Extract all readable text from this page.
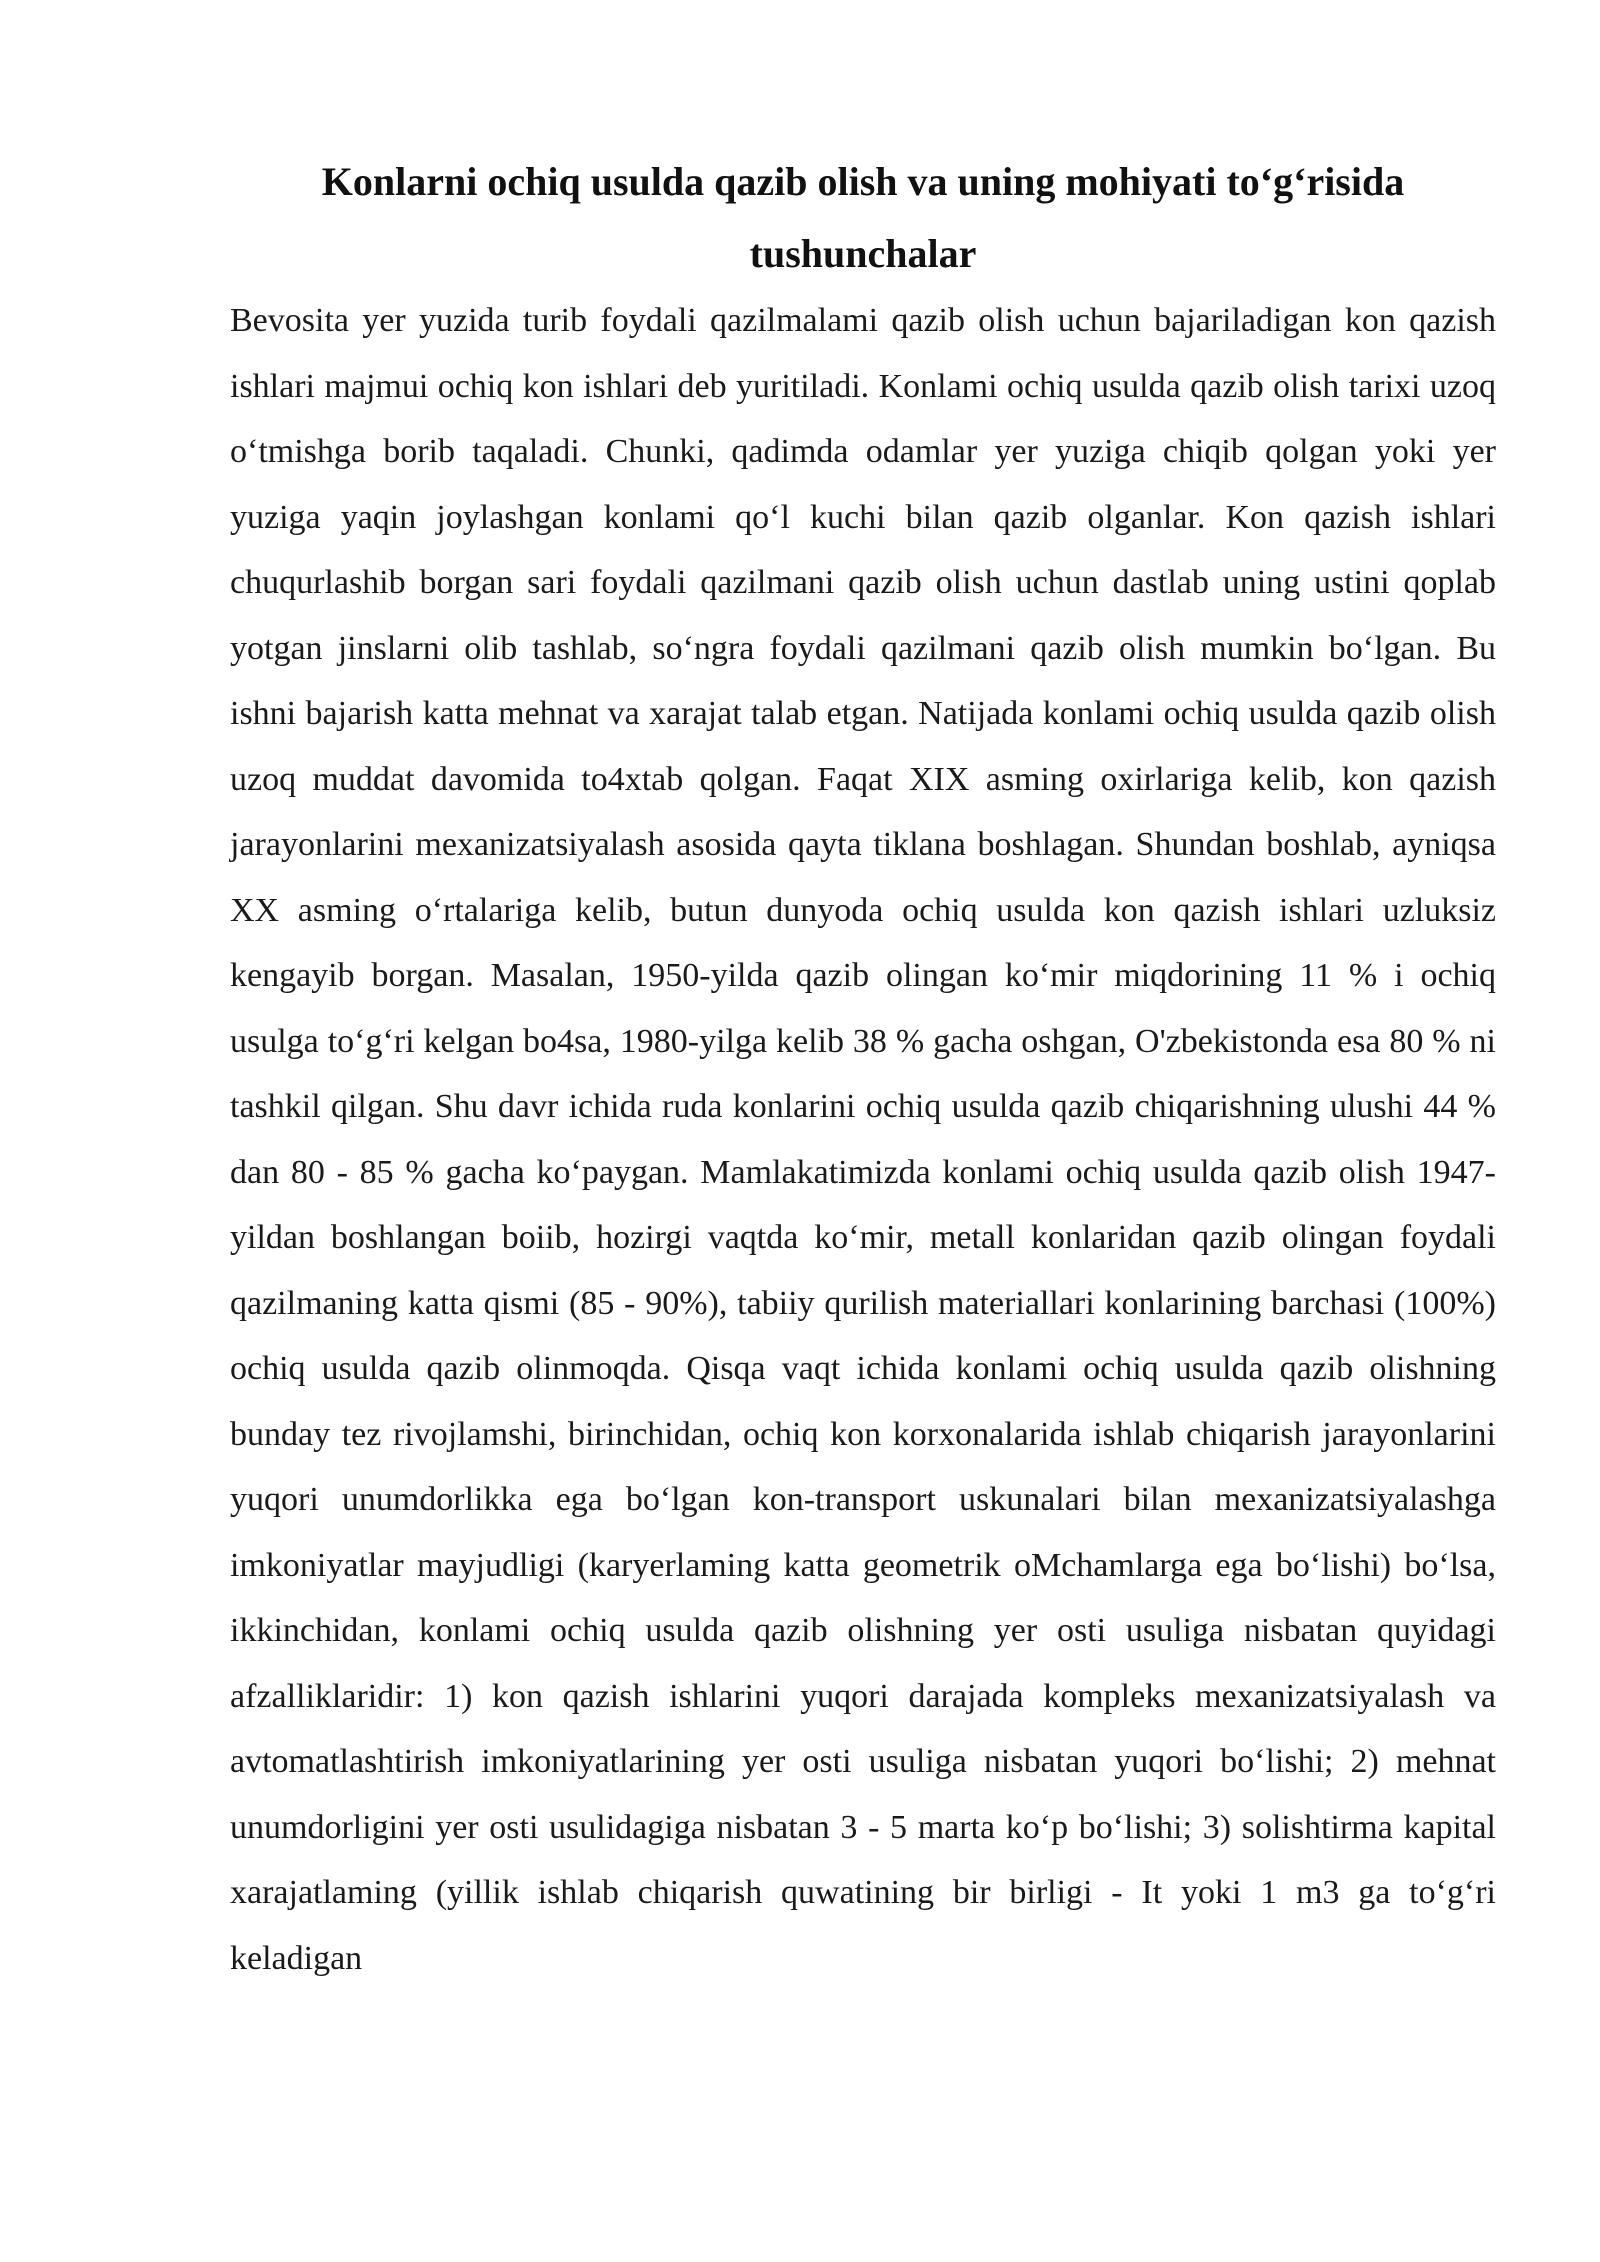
Konlarni ochiq usulda qazib olish va uning mohiyati to‘g‘risida tushunchalar

Bevosita yer yuzida turib foydali qazilmalami qazib olish uchun bajariladigan kon qazish ishlari majmui ochiq kon ishlari deb yuritiladi. Konlami ochiq usulda qazib olish tarixi uzoq o‘tmishga borib taqaladi. Chunki, qadimda odamlar yer yuziga chiqib qolgan yoki yer yuziga yaqin joylashgan konlami qo‘l kuchi bilan qazib olganlar. Kon qazish ishlari chuqurlashib borgan sari foydali qazilmani qazib olish uchun dastlab uning ustini qoplab yotgan jinslarni olib tashlab, so‘ngra foydali qazilmani qazib olish mumkin bo‘lgan. Bu ishni bajarish katta mehnat va xarajat talab etgan. Natijada konlami ochiq usulda qazib olish uzoq muddat davomida to4xtab qolgan. Faqat XIX asming oxirlariga kelib, kon qazish jarayonlarini mexanizatsiyalash asosida qayta tiklana boshlagan. Shundan boshlab, ayniqsa XX asming o‘rtalariga kelib, butun dunyoda ochiq usulda kon qazish ishlari uzluksiz kengayib borgan. Masalan, 1950-yilda qazib olingan ko‘mir miqdorining 11 % i ochiq usulga to‘g‘ri kelgan bo4sa, 1980-yilga kelib 38 % gacha oshgan, O'zbekistonda esa 80 % ni tashkil qilgan. Shu davr ichida ruda konlarini ochiq usulda qazib chiqarishning ulushi 44 % dan 80 - 85 % gacha ko‘paygan. Mamlakatimizda konlami ochiq usulda qazib olish 1947-yildan boshlangan boiib, hozirgi vaqtda ko‘mir, metall konlaridan qazib olingan foydali qazilmaning katta qismi (85 - 90%), tabiiy qurilish materiallari konlarining barchasi (100%) ochiq usulda qazib olinmoqda. Qisqa vaqt ichida konlami ochiq usulda qazib olishning bunday tez rivojlamshi, birinchidan, ochiq kon korxonalarida ishlab chiqarish jarayonlarini yuqori unumdorlikka ega bo‘lgan kon-transport uskunalari bilan mexanizatsiyalashga imkoniyatlar mayjudligi (karyerlaming katta geometrik oMchamlarga ega bo‘lishi) bo‘lsa, ikkinchidan, konlami ochiq usulda qazib olishning yer osti usuliga nisbatan quyidagi afzalliklaridir: 1) kon qazish ishlarini yuqori darajada kompleks mexanizatsiyalash va avtomatlashtirish imkoniyatlarining yer osti usuliga nisbatan yuqori bo‘lishi; 2) mehnat unumdorligini yer osti usulidagiga nisbatan 3 - 5 marta ko‘p bo‘lishi; 3) solishtirma kapital xarajatlaming (yillik ishlab chiqarish quwatining bir birligi - It yoki 1 m3 ga to‘g‘ri keladigan
